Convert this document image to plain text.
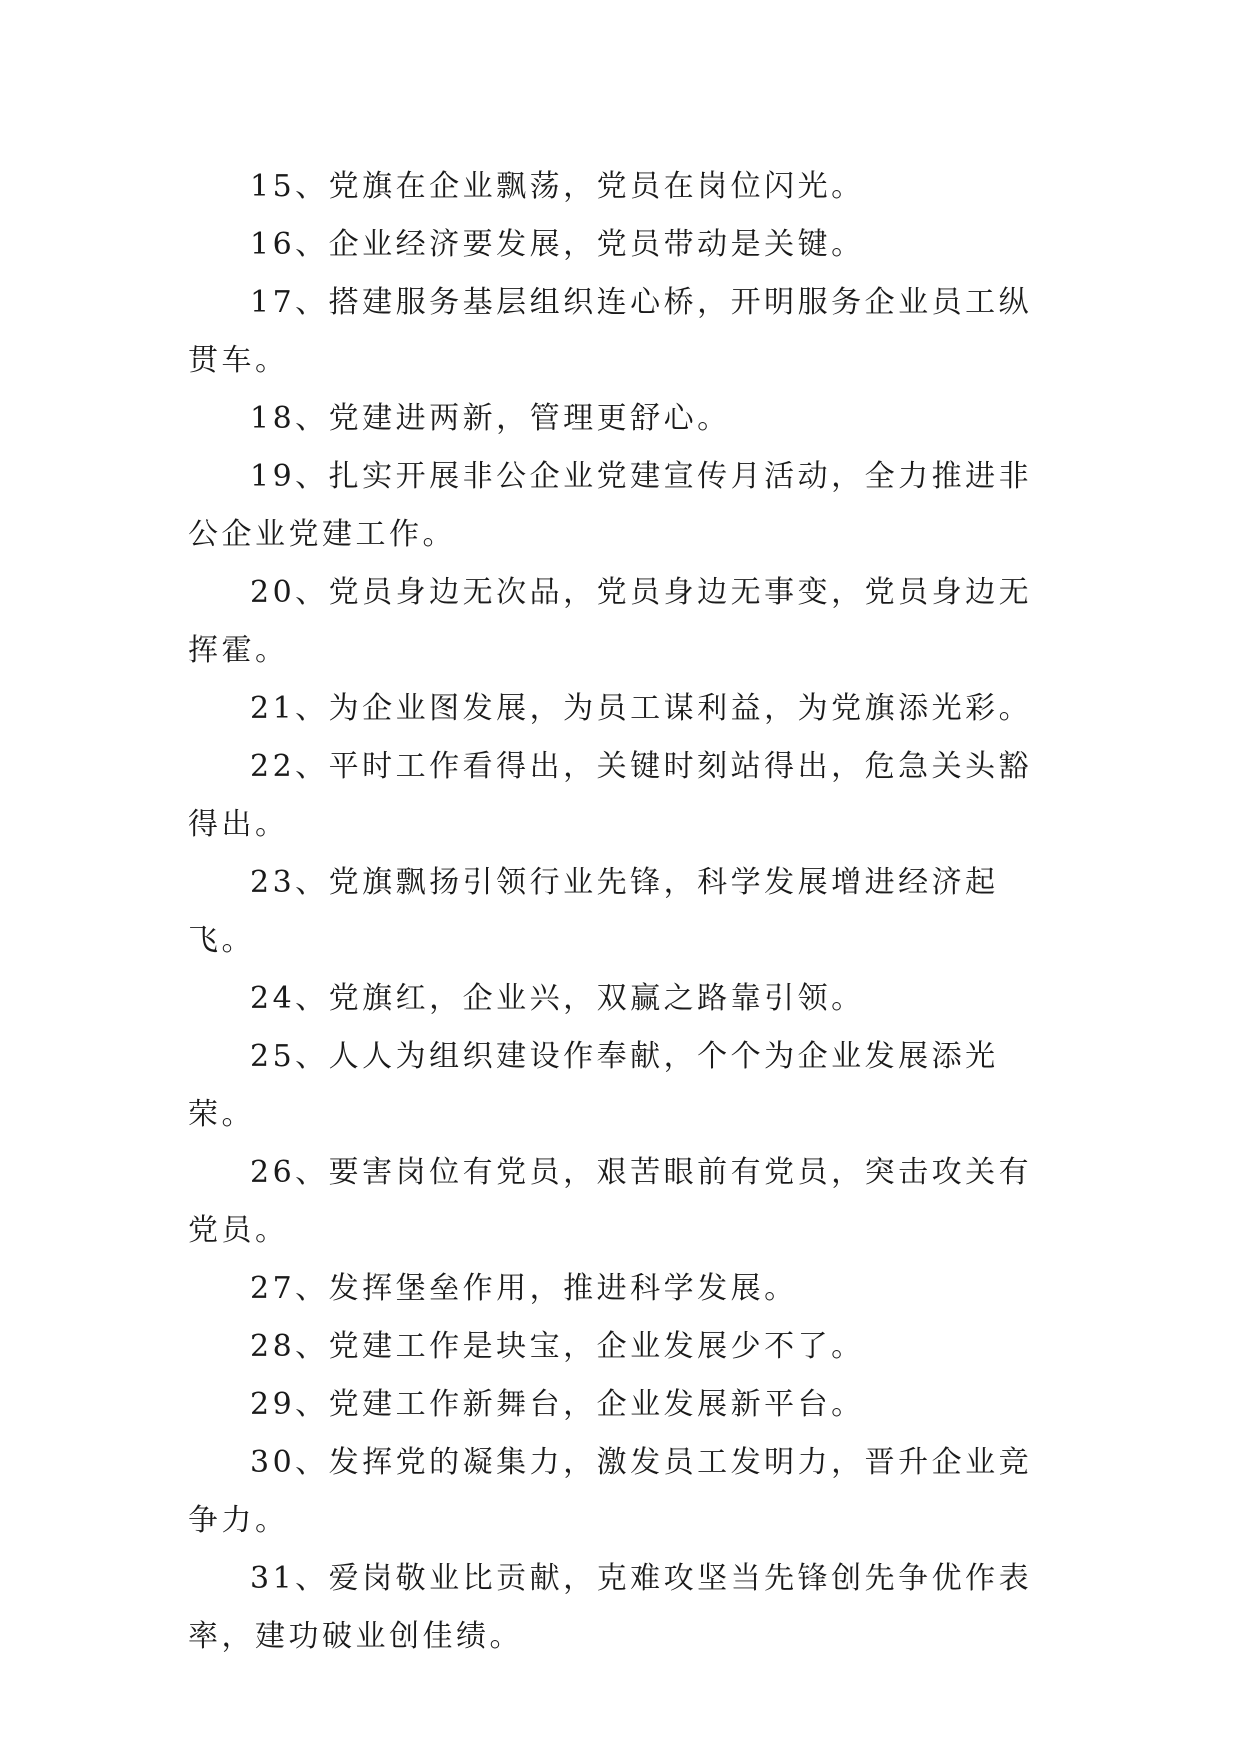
15、党旗在企业飘荡，党员在岗位闪光。

16、企业经济要发展，党员带动是关键。

17、搭建服务基层组织连心桥，开明服务企业员工纵贯车。

18、党建进两新，管理更舒心。

19、扎实开展非公企业党建宣传月活动，全力推进非公企业党建工作。

20、党员身边无次品，党员身边无事变，党员身边无挥霍。

21、为企业图发展，为员工谋利益，为党旗添光彩。

22、平时工作看得出，关键时刻站得出，危急关头豁得出。

23、党旗飘扬引领行业先锋，科学发展增进经济起飞。

24、党旗红，企业兴，双赢之路靠引领。

25、人人为组织建设作奉献，个个为企业发展添光荣。

26、要害岗位有党员，艰苦眼前有党员，突击攻关有党员。

27、发挥堡垒作用，推进科学发展。

28、党建工作是块宝，企业发展少不了。

29、党建工作新舞台，企业发展新平台。

30、发挥党的凝集力，激发员工发明力，晋升企业竞争力。

31、爱岗敬业比贡献，克难攻坚当先锋创先争优作表率，建功破业创佳绩。
